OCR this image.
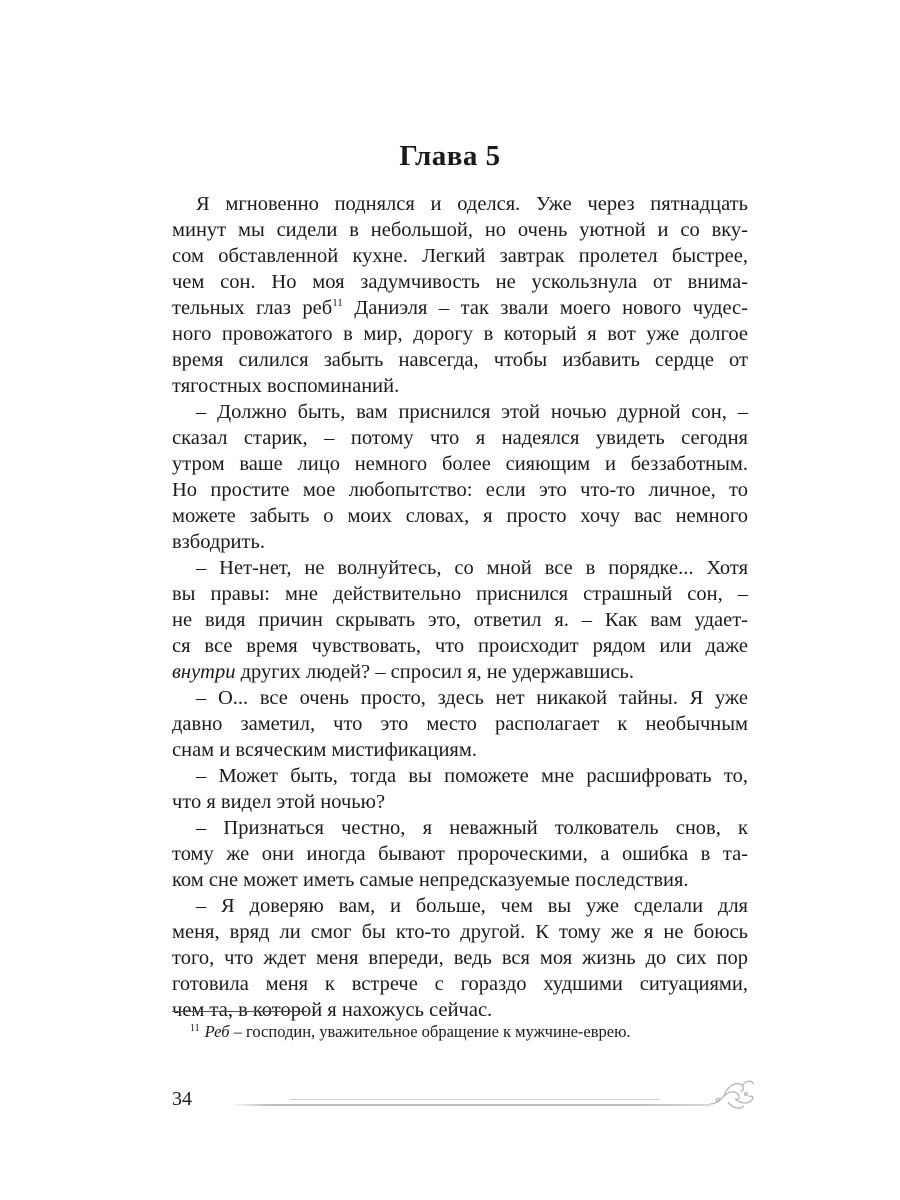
Глава 5
Я мгновенно поднялся и оделся. Уже через пятнадцать
минут мы сидели в небольшой, но очень уютной и со вку-
сом обставленной кухне. Легкий завтрак пролетел быстрее,
чем сон. Но моя задумчивость не ускользнула от внима-
тельных глаз реб$^{11}$ Даниэля – так звали моего нового чудес-
ного провожатого в мир, дорогу в который я вот уже долгое
время силился забыть навсегда, чтобы избавить сердце от
тягостных воспоминаний.
– Должно быть, вам приснился этой ночью дурной сон, –
сказал старик, – потому что я надеялся увидеть сегодня
утром ваше лицо немного более сияющим и беззаботным.
Но простите мое любопытство: если это что-то личное, то
можете забыть о моих словах, я просто хочу вас немного
взбодрить.
– Нет-нет, не волнуйтесь, со мной все в порядке... Хотя
вы правы: мне действительно приснился страшный сон, –
не видя причин скрывать это, ответил я. – Как вам удает-
ся все время чувствовать, что происходит рядом или даже
внутри других людей? – спросил я, не удержавшись.
– О... все очень просто, здесь нет никакой тайны. Я уже
давно заметил, что это место располагает к необычным
снам и всяческим мистификациям.
– Может быть, тогда вы поможете мне расшифровать то,
что я видел этой ночью?
– Признаться честно, я неважный толкователь снов, к
тому же они иногда бывают пророческими, а ошибка в та-
ком сне может иметь самые непредсказуемые последствия.
– Я доверяю вам, и больше, чем вы уже сделали для
меня, вряд ли смог бы кто-то другой. К тому же я не боюсь
того, что ждет меня впереди, ведь вся моя жизнь до сих пор
готовила меня к встрече с гораздо худшими ситуациями,
чем та, в которой я нахожусь сейчас.
$^{11}$ Реб – господин, уважительное обращение к мужчине-еврею.
34
